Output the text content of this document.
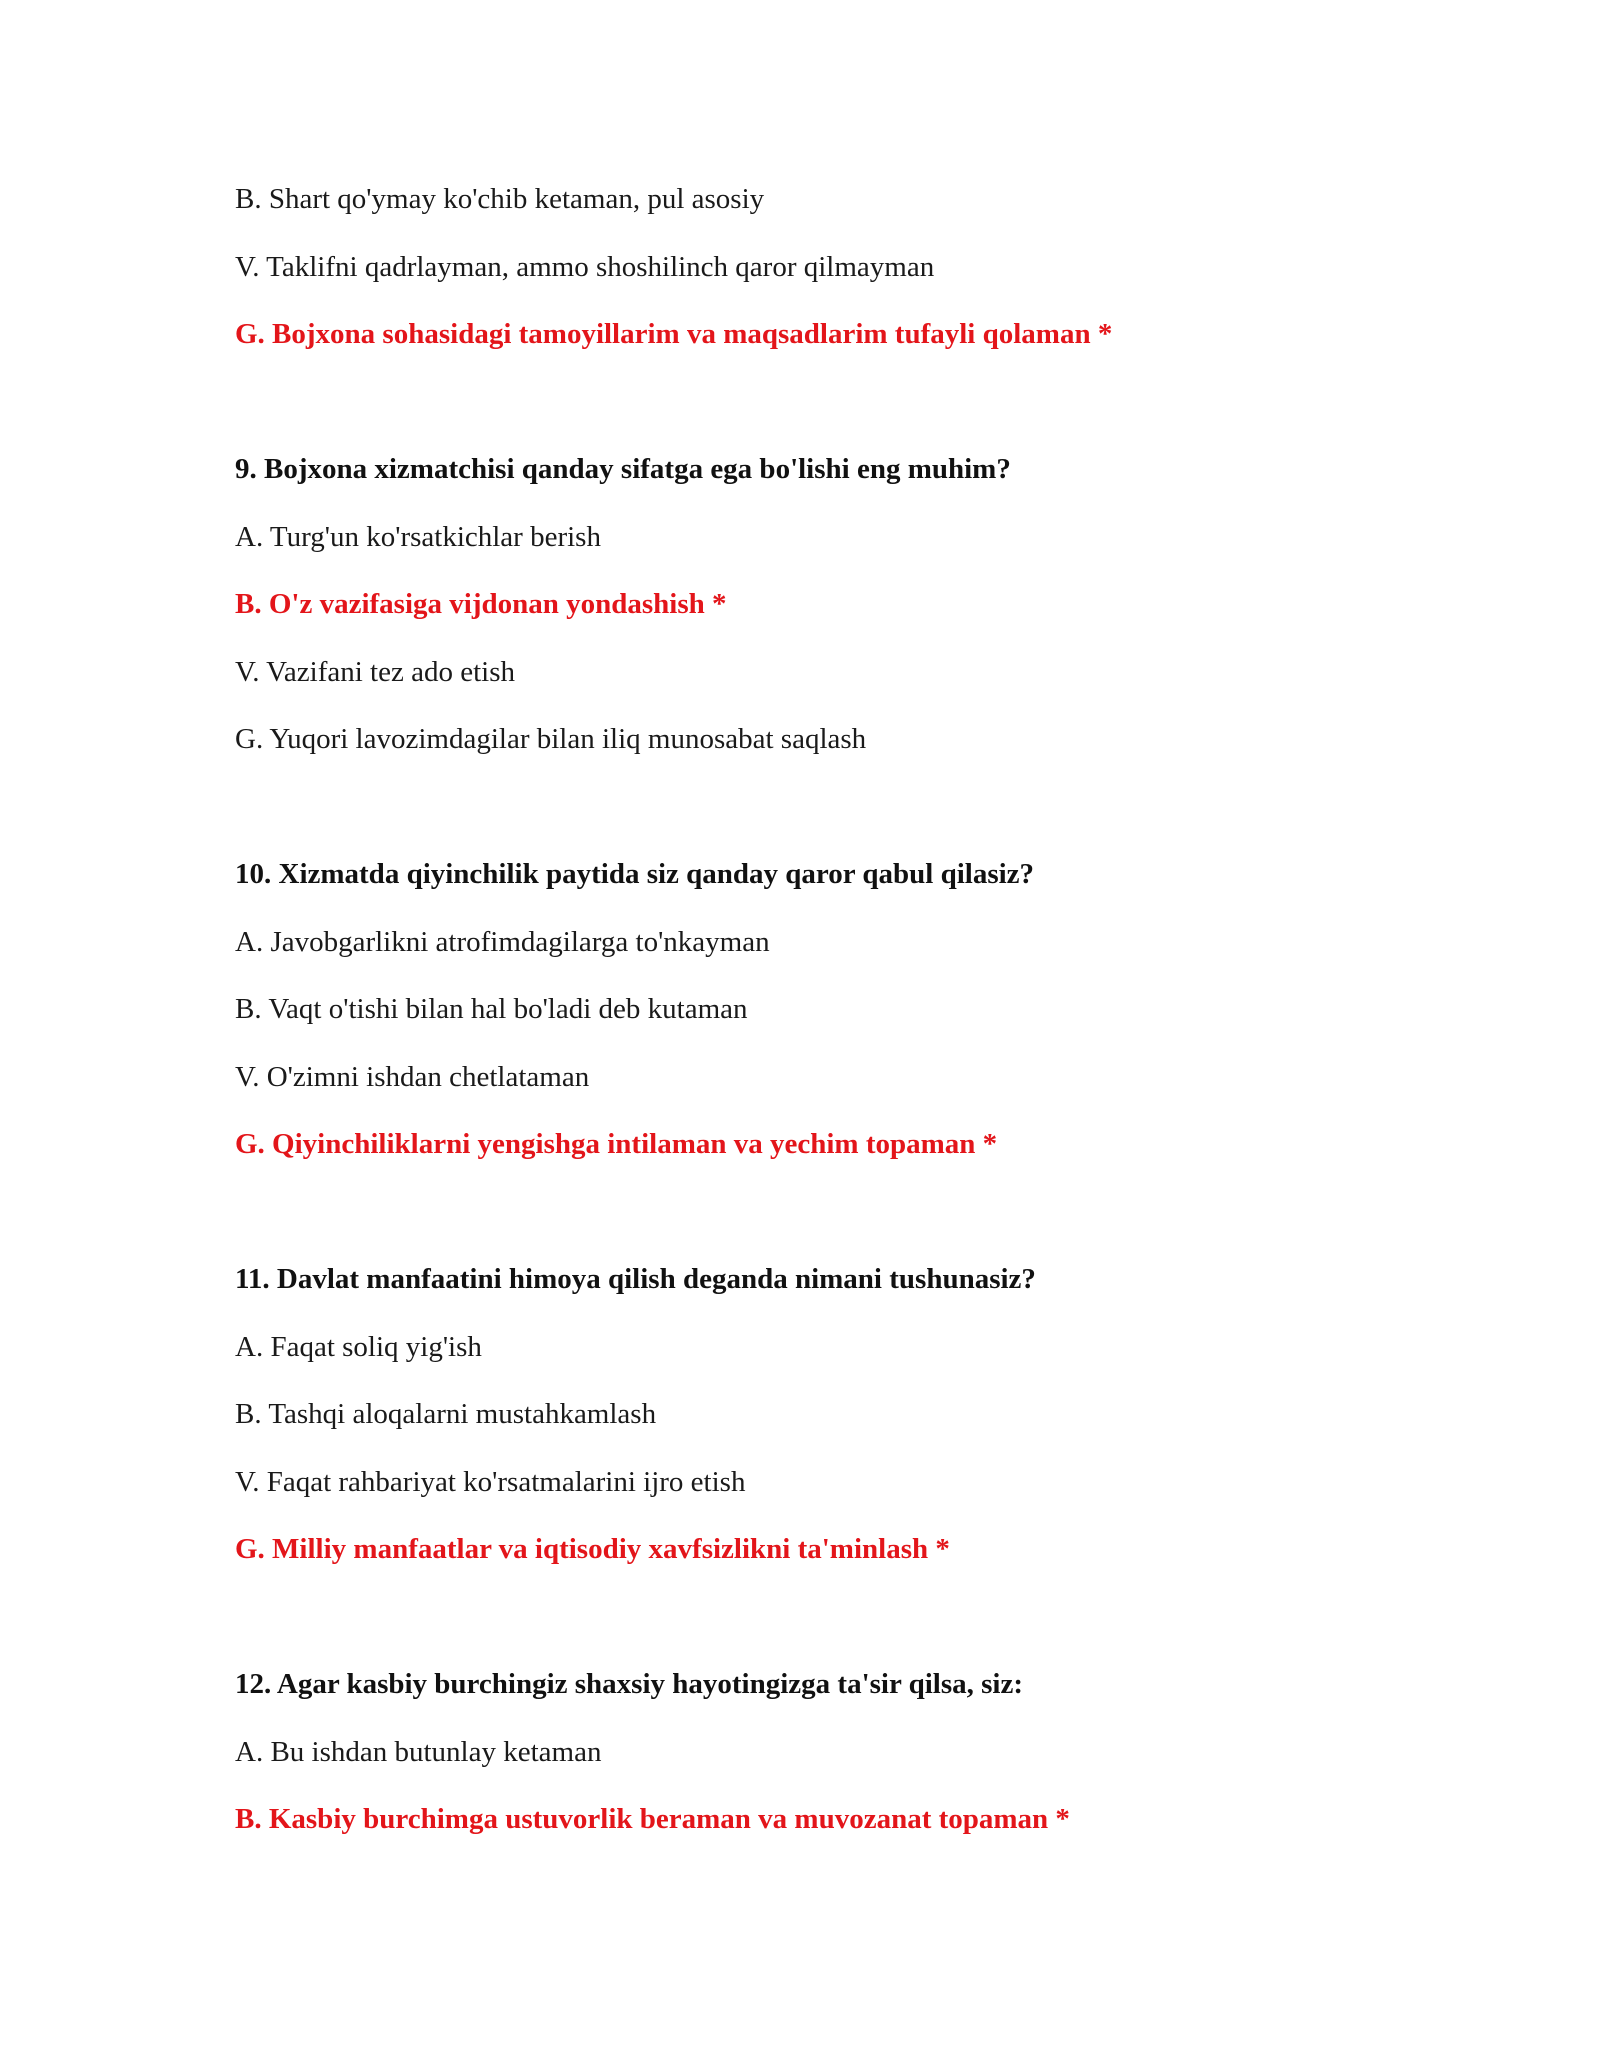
B. Shart qo'ymay ko'chib ketaman, pul asosiy
V. Taklifni qadrlayman, ammo shoshilinch qaror qilmayman
G. Bojxona sohasidagi tamoyillarim va maqsadlarim tufayli qolaman *
9. Bojxona xizmatchisi qanday sifatga ega bo'lishi eng muhim?
A. Turg'un ko'rsatkichlar berish
B. O'z vazifasiga vijdonan yondashish *
V. Vazifani tez ado etish
G. Yuqori lavozimdagilar bilan iliq munosabat saqlash
10. Xizmatda qiyinchilik paytida siz qanday qaror qabul qilasiz?
A. Javobgarlikni atrofimdagilarga to'nkayman
B. Vaqt o'tishi bilan hal bo'ladi deb kutaman
V. O'zimni ishdan chetlataman
G. Qiyinchiliklarni yengishga intilaman va yechim topaman *
11. Davlat manfaatini himoya qilish deganda nimani tushunasiz?
A. Faqat soliq yig'ish
B. Tashqi aloqalarni mustahkamlash
V. Faqat rahbariyat ko'rsatmalarini ijro etish
G. Milliy manfaatlar va iqtisodiy xavfsizlikni ta'minlash *
12. Agar kasbiy burchingiz shaxsiy hayotingizga ta'sir qilsa, siz:
A. Bu ishdan butunlay ketaman
B. Kasbiy burchimga ustuvorlik beraman va muvozanat topaman *
